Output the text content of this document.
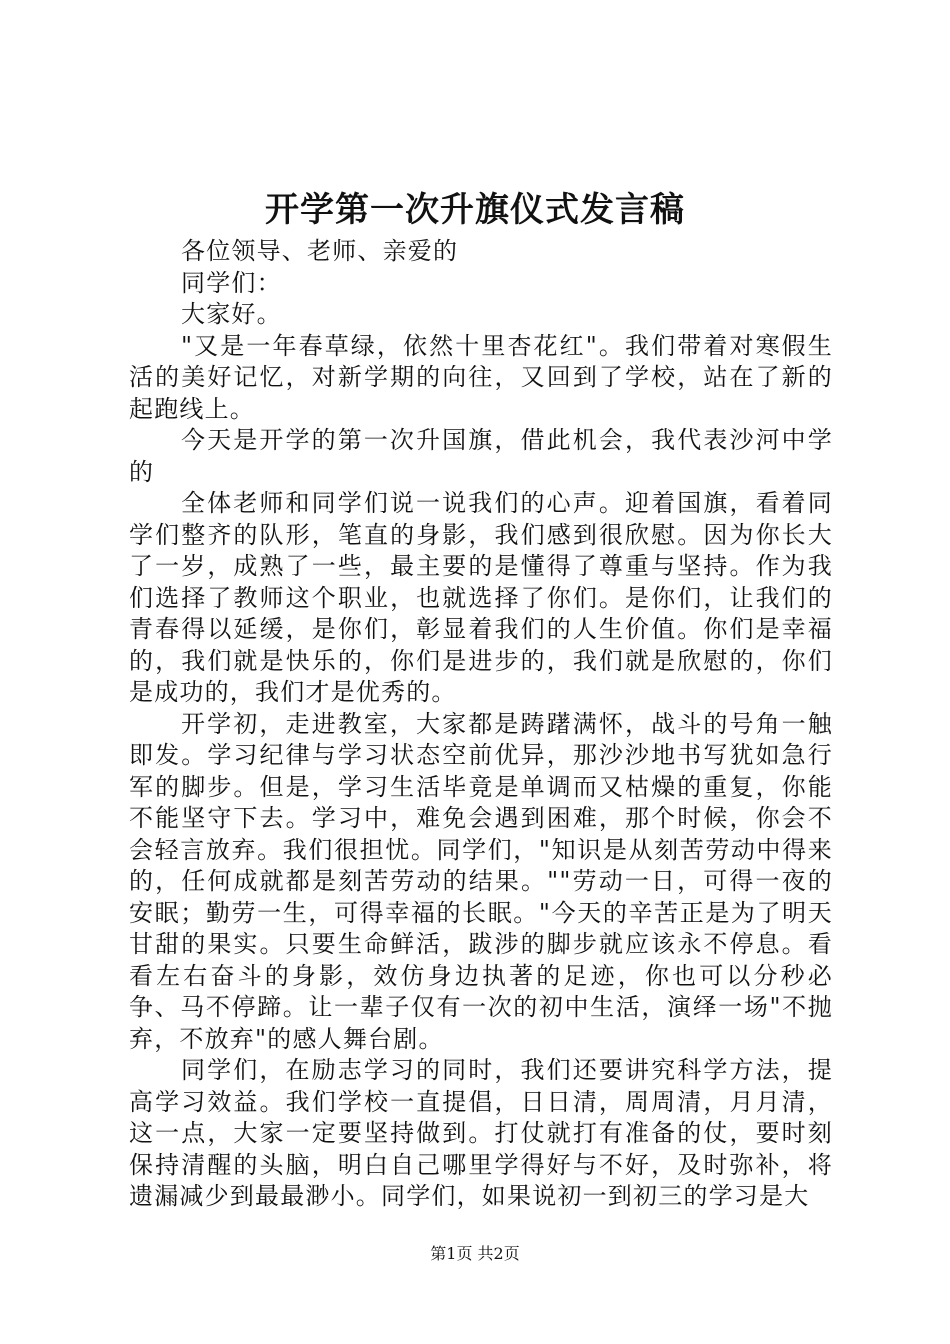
开学第一次升旗仪式发言稿

各位领导、老师、亲爱的

同学们：

大家好。

"又是一年春草绿，依然十里杏花红"。我们带着对寒假生活的美好记忆，对新学期的向往，又回到了学校，站在了新的起跑线上。

今天是开学的第一次升国旗，借此机会，我代表沙河中学的

全体老师和同学们说一说我们的心声。迎着国旗，看着同学们整齐的队形，笔直的身影，我们感到很欣慰。因为你长大了一岁，成熟了一些，最主要的是懂得了尊重与坚持。作为我们选择了教师这个职业，也就选择了你们。是你们，让我们的青春得以延缓，是你们，彰显着我们的人生价值。你们是幸福的，我们就是快乐的，你们是进步的，我们就是欣慰的，你们是成功的，我们才是优秀的。

开学初，走进教室，大家都是踌躇满怀，战斗的号角一触即发。学习纪律与学习状态空前优异，那沙沙地书写犹如急行军的脚步。但是，学习生活毕竟是单调而又枯燥的重复，你能不能坚守下去。学习中，难免会遇到困难，那个时候，你会不会轻言放弃。我们很担忧。同学们，"知识是从刻苦劳动中得来的，任何成就都是刻苦劳动的结果。""劳动一日，可得一夜的安眠；勤劳一生，可得幸福的长眠。"今天的辛苦正是为了明天甘甜的果实。只要生命鲜活，跋涉的脚步就应该永不停息。看看左右奋斗的身影，效仿身边执著的足迹，你也可以分秒必争、马不停蹄。让一辈子仅有一次的初中生活，演绎一场"不抛弃，不放弃"的感人舞台剧。

同学们，在励志学习的同时，我们还要讲究科学方法，提高学习效益。我们学校一直提倡，日日清，周周清，月月清，这一点，大家一定要坚持做到。打仗就打有准备的仗，要时刻保持清醒的头脑，明白自己哪里学得好与不好，及时弥补，将遗漏减少到最最渺小。同学们，如果说初一到初三的学习是大

第1页 共2页
